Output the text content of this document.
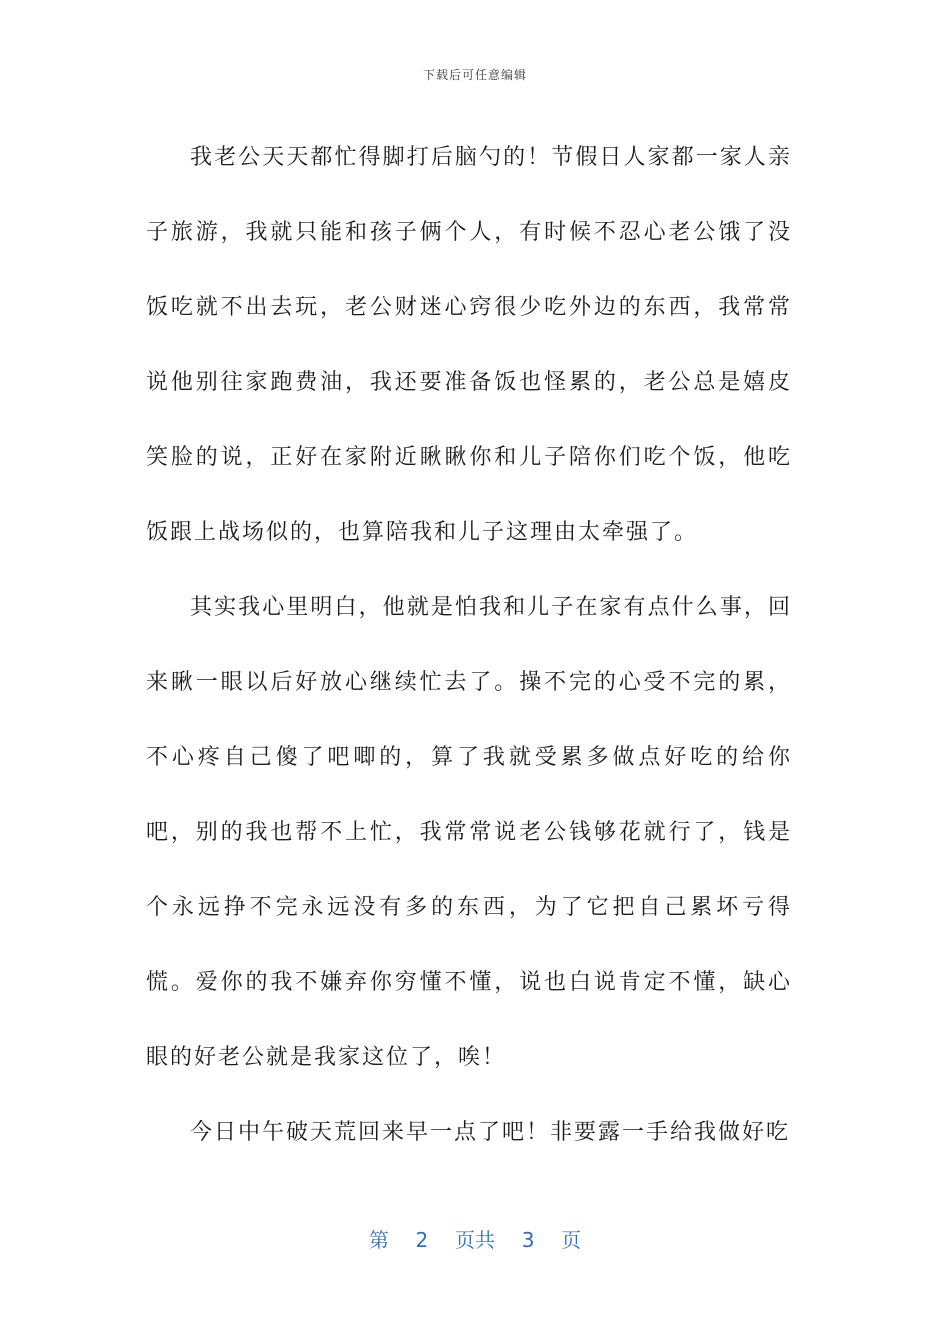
下载后可任意编辑

我老公天天都忙得脚打后脑勺的！节假日人家都一家人亲子旅游，我就只能和孩子俩个人，有时候不忍心老公饿了没饭吃就不出去玩，老公财迷心窍很少吃外边的东西，我常常说他别往家跑费油，我还要准备饭也怪累的，老公总是嬉皮笑脸的说，正好在家附近瞅瞅你和儿子陪你们吃个饭，他吃饭跟上战场似的，也算陪我和儿子这理由太牵强了。

其实我心里明白，他就是怕我和儿子在家有点什么事，回来瞅一眼以后好放心继续忙去了。操不完的心受不完的累，不心疼自己傻了吧唧的，算了我就受累多做点好吃的给你吧，别的我也帮不上忙，我常常说老公钱够花就行了，钱是个永远挣不完永远没有多的东西，为了它把自己累坏亏得慌。爱你的我不嫌弃你穷懂不懂，说也白说肯定不懂，缺心眼的好老公就是我家这位了，唉！

今日中午破天荒回来早一点了吧！非要露一手给我做好吃

第 2 页共 3 页
